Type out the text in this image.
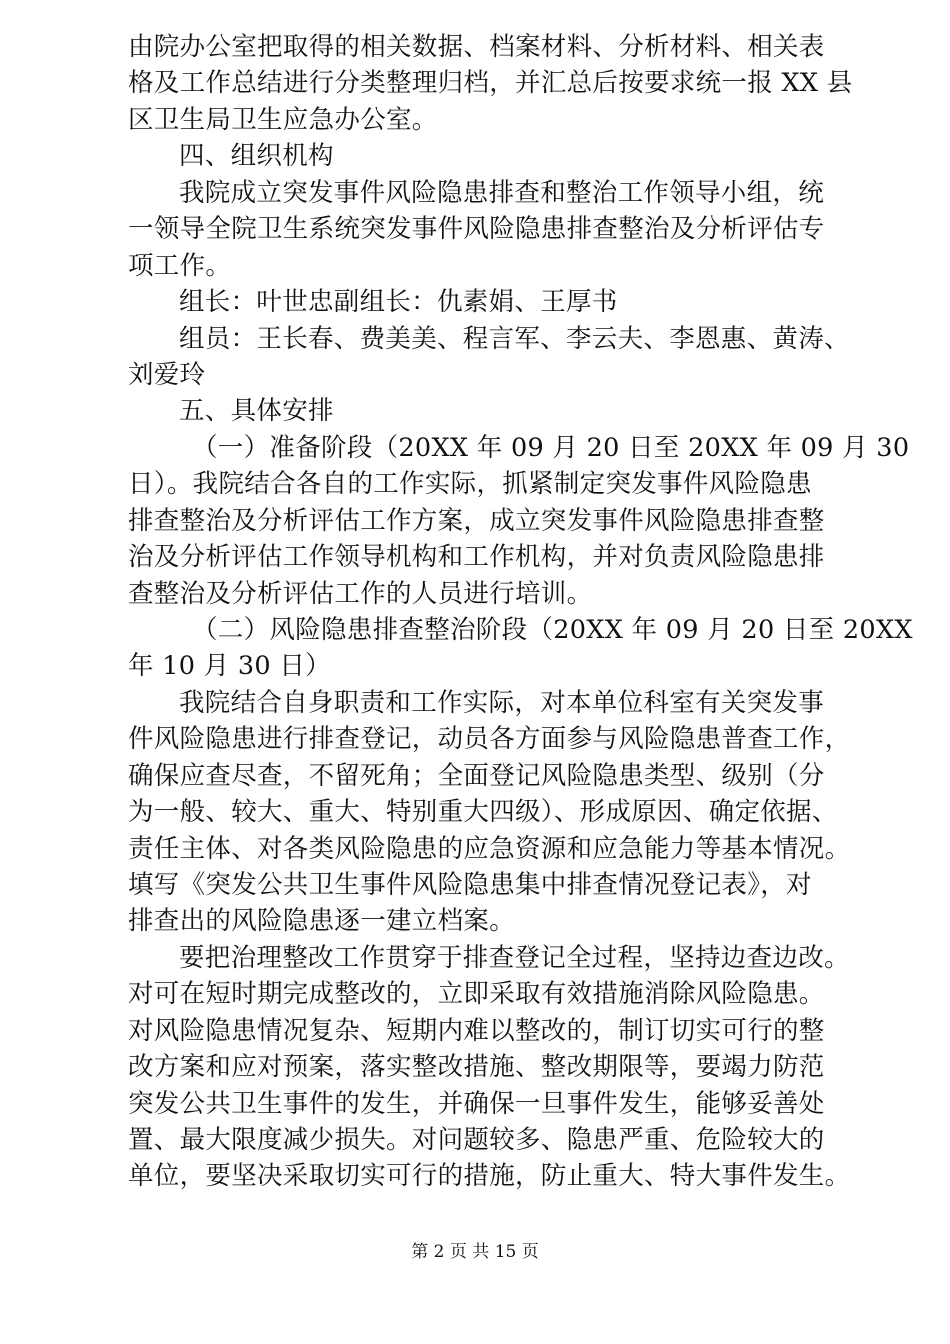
由院办公室把取得的相关数据、档案材料、分析材料、相关表
格及工作总结进行分类整理归档，并汇总后按要求统一报 XX 县
区卫生局卫生应急办公室。
四、组织机构
我院成立突发事件风险隐患排查和整治工作领导小组，统
一领导全院卫生系统突发事件风险隐患排查整治及分析评估专
项工作。
组长：叶世忠副组长：仇素娟、王厚书
组员：王长春、费美美、程言军、李云夫、李恩惠、黄涛、
刘爱玲
五、具体安排
（一）准备阶段（20XX 年 09 月 20 日至 20XX 年 09 月 30
日）。我院结合各自的工作实际，抓紧制定突发事件风险隐患
排查整治及分析评估工作方案，成立突发事件风险隐患排查整
治及分析评估工作领导机构和工作机构，并对负责风险隐患排
查整治及分析评估工作的人员进行培训。
（二）风险隐患排查整治阶段（20XX 年 09 月 20 日至 20XX
年 10 月 30 日）
我院结合自身职责和工作实际，对本单位科室有关突发事
件风险隐患进行排查登记，动员各方面参与风险隐患普查工作，
确保应查尽查，不留死角；全面登记风险隐患类型、级别（分
为一般、较大、重大、特别重大四级）、形成原因、确定依据、
责任主体、对各类风险隐患的应急资源和应急能力等基本情况。
填写《突发公共卫生事件风险隐患集中排查情况登记表》，对
排查出的风险隐患逐一建立档案。
要把治理整改工作贯穿于排查登记全过程，坚持边查边改。
对可在短时期完成整改的，立即采取有效措施消除风险隐患。
对风险隐患情况复杂、短期内难以整改的，制订切实可行的整
改方案和应对预案，落实整改措施、整改期限等，要竭力防范
突发公共卫生事件的发生，并确保一旦事件发生，能够妥善处
置、最大限度减少损失。对问题较多、隐患严重、危险较大的
单位，要坚决采取切实可行的措施，防止重大、特大事件发生。
第 2 页 共 15 页
